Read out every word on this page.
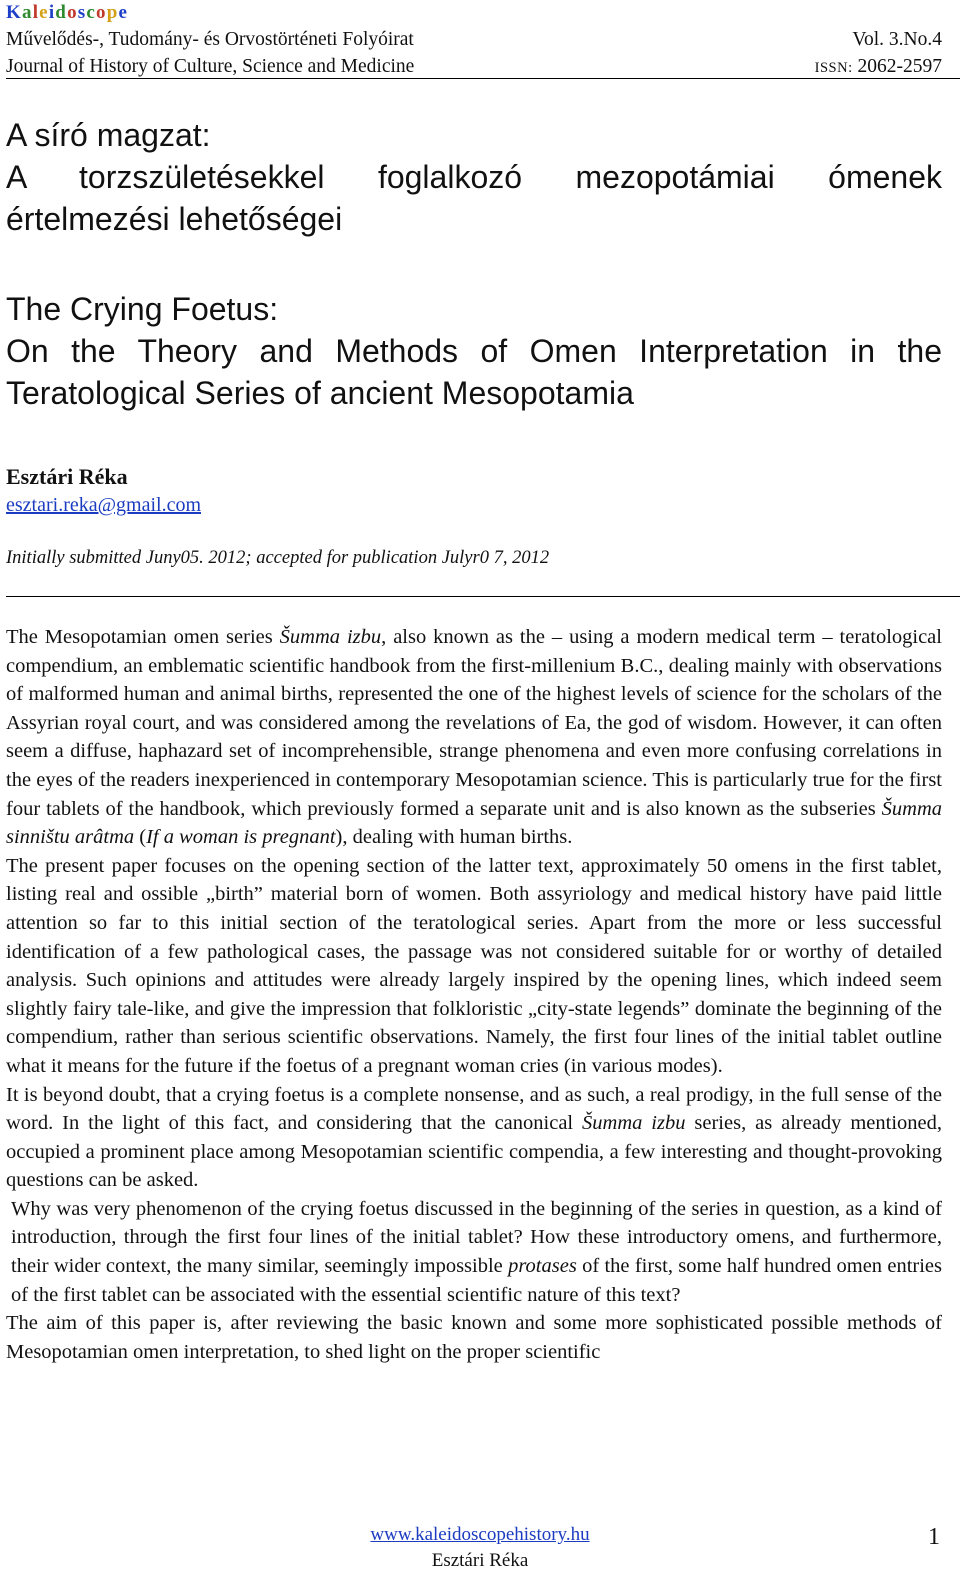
Kaleidoscope
Művelődés-, Tudomány- és Orvostörténeti Folyóirat	Vol. 3.No.4
Journal of History of Culture, Science and Medicine	ISSN: 2062-2597
A síró magzat:
A torzszületésekkel foglalkozó mezopotámiai ómenek
értelmezési lehetőségei
The Crying Foetus:
On the Theory and Methods of Omen Interpretation in the
Teratological Series of ancient Mesopotamia
Esztári Réka
esztari.reka@gmail.com
Initially submitted Juny05. 2012; accepted for publication Julyr0 7, 2012

The Mesopotamian omen series Šumma izbu, also known as the – using a modern medical term – teratological compendium, an emblematic scientific handbook from the first-millenium B.C., dealing mainly with observations of malformed human and animal births, represented the one of the highest levels of science for the scholars of the Assyrian royal court, and was considered among the revelations of Ea, the god of wisdom. However, it can often seem a diffuse, haphazard set of incomprehensible, strange phenomena and even more confusing correlations in the eyes of the readers inexperienced in contemporary Mesopotamian science. This is particularly true for the first four tablets of the handbook, which previously formed a separate unit and is also known as the subseries Šumma sinništu arâtma (If a woman is pregnant), dealing with human births.

The present paper focuses on the opening section of the latter text, approximately 50 omens in the first tablet, listing real and ossible „birth” material born of women. Both assyriology and medical history have paid little attention so far to this initial section of the teratological series. Apart from the more or less successful identification of a few pathological cases, the passage was not considered suitable for or worthy of detailed analysis. Such opinions and attitudes were already largely inspired by the opening lines, which indeed seem slightly fairy tale-like, and give the impression that folkloristic „city-state legends” dominate the beginning of the compendium, rather than serious scientific observations. Namely, the first four lines of the initial tablet outline what it means for the future if the foetus of a pregnant woman cries (in various modes).

It is beyond doubt, that a crying foetus is a complete nonsense, and as such, a real prodigy, in the full sense of the word. In the light of this fact, and considering that the canonical Šumma izbu series, as already mentioned, occupied a prominent place among Mesopotamian scientific compendia, a few interesting and thought-provoking questions can be asked.

Why was very phenomenon of the crying foetus discussed in the beginning of the series in question, as a kind of introduction, through the first four lines of the initial tablet? How these introductory omens, and furthermore, their wider context, the many similar, seemingly impossible protases of the first, some half hundred omen entries of the first tablet can be associated with the essential scientific nature of this text?

The aim of this paper is, after reviewing the basic known and some more sophisticated possible methods of Mesopotamian omen interpretation, to shed light on the proper scientific

www.kaleidoscopehistory.hu
Esztári Réka
1
